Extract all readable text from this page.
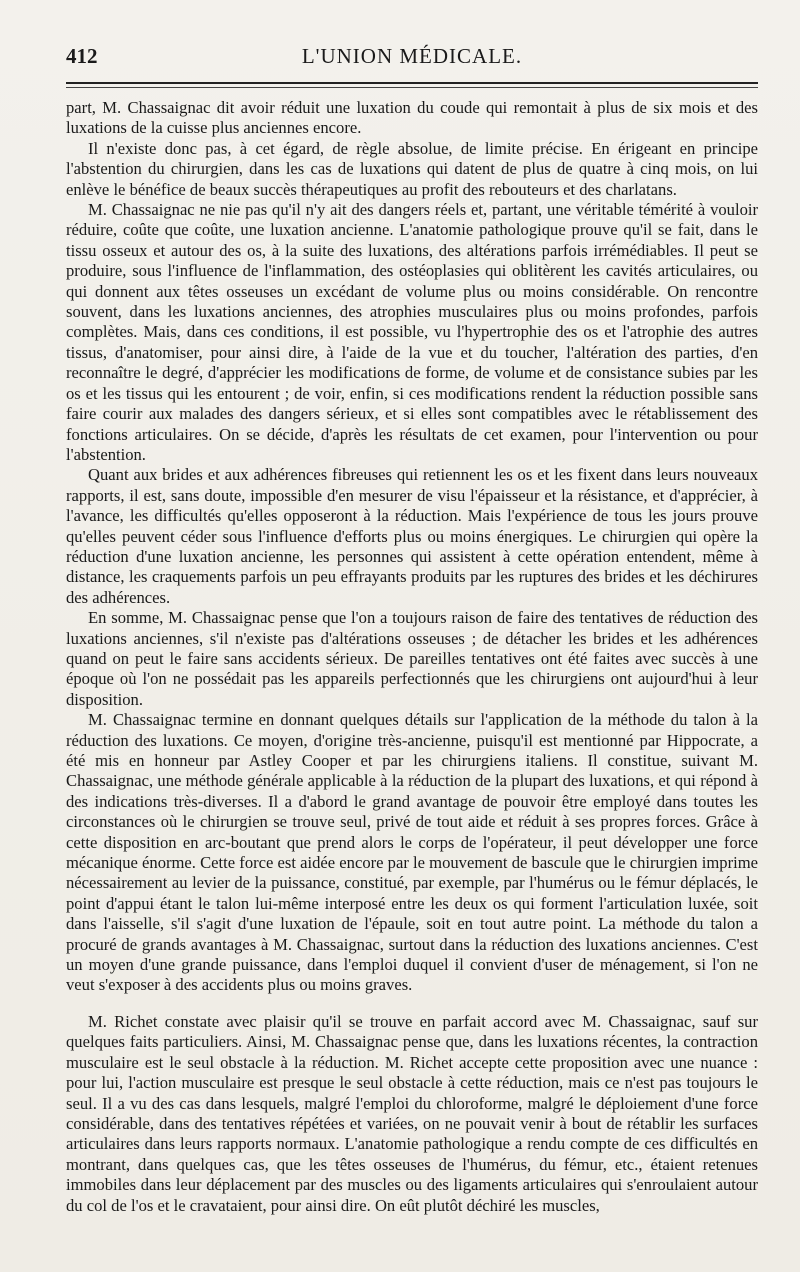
412	L'UNION MÉDICALE.

part, M. Chassaignac dit avoir réduit une luxation du coude qui remontait à plus de six mois et des luxations de la cuisse plus anciennes encore.

Il n'existe donc pas, à cet égard, de règle absolue, de limite précise. En érigeant en principe l'abstention du chirurgien, dans les cas de luxations qui datent de plus de quatre à cinq mois, on lui enlève le bénéfice de beaux succès thérapeutiques au profit des rebouteurs et des charlatans.

M. Chassaignac ne nie pas qu'il n'y ait des dangers réels et, partant, une véritable témérité à vouloir réduire, coûte que coûte, une luxation ancienne. L'anatomie pathologique prouve qu'il se fait, dans le tissu osseux et autour des os, à la suite des luxations, des altérations parfois irrémédiables. Il peut se produire, sous l'influence de l'inflammation, des ostéoplasies qui oblitèrent les cavités articulaires, ou qui donnent aux têtes osseuses un excédant de volume plus ou moins considérable. On rencontre souvent, dans les luxations anciennes, des atrophies musculaires plus ou moins profondes, parfois complètes. Mais, dans ces conditions, il est possible, vu l'hypertrophie des os et l'atrophie des autres tissus, d'anatomiser, pour ainsi dire, à l'aide de la vue et du toucher, l'altération des parties, d'en reconnaître le degré, d'apprécier les modifications de forme, de volume et de consistance subies par les os et les tissus qui les entourent ; de voir, enfin, si ces modifications rendent la réduction possible sans faire courir aux malades des dangers sérieux, et si elles sont compatibles avec le rétablissement des fonctions articulaires. On se décide, d'après les résultats de cet examen, pour l'intervention ou pour l'abstention.

Quant aux brides et aux adhérences fibreuses qui retiennent les os et les fixent dans leurs nouveaux rapports, il est, sans doute, impossible d'en mesurer de visu l'épaisseur et la résistance, et d'apprécier, à l'avance, les difficultés qu'elles opposeront à la réduction. Mais l'expérience de tous les jours prouve qu'elles peuvent céder sous l'influence d'efforts plus ou moins énergiques. Le chirurgien qui opère la réduction d'une luxation ancienne, les personnes qui assistent à cette opération entendent, même à distance, les craquements parfois un peu effrayants produits par les ruptures des brides et les déchirures des adhérences.

En somme, M. Chassaignac pense que l'on a toujours raison de faire des tentatives de réduction des luxations anciennes, s'il n'existe pas d'altérations osseuses ; de détacher les brides et les adhérences quand on peut le faire sans accidents sérieux. De pareilles tentatives ont été faites avec succès à une époque où l'on ne possédait pas les appareils perfectionnés que les chirurgiens ont aujourd'hui à leur disposition.

M. Chassaignac termine en donnant quelques détails sur l'application de la méthode du talon à la réduction des luxations. Ce moyen, d'origine très-ancienne, puisqu'il est mentionné par Hippocrate, a été mis en honneur par Astley Cooper et par les chirurgiens italiens. Il constitue, suivant M. Chassaignac, une méthode générale applicable à la réduction de la plupart des luxations, et qui répond à des indications très-diverses. Il a d'abord le grand avantage de pouvoir être employé dans toutes les circonstances où le chirurgien se trouve seul, privé de tout aide et réduit à ses propres forces. Grâce à cette disposition en arc-boutant que prend alors le corps de l'opérateur, il peut développer une force mécanique énorme. Cette force est aidée encore par le mouvement de bascule que le chirurgien imprime nécessairement au levier de la puissance, constitué, par exemple, par l'humérus ou le fémur déplacés, le point d'appui étant le talon lui-même interposé entre les deux os qui forment l'articulation luxée, soit dans l'aisselle, s'il s'agit d'une luxation de l'épaule, soit en tout autre point. La méthode du talon a procuré de grands avantages à M. Chassaignac, surtout dans la réduction des luxations anciennes. C'est un moyen d'une grande puissance, dans l'emploi duquel il convient d'user de ménagement, si l'on ne veut s'exposer à des accidents plus ou moins graves.

M. Richet constate avec plaisir qu'il se trouve en parfait accord avec M. Chassaignac, sauf sur quelques faits particuliers. Ainsi, M. Chassaignac pense que, dans les luxations récentes, la contraction musculaire est le seul obstacle à la réduction. M. Richet accepte cette proposition avec une nuance : pour lui, l'action musculaire est presque le seul obstacle à cette réduction, mais ce n'est pas toujours le seul. Il a vu des cas dans lesquels, malgré l'emploi du chloroforme, malgré le déploiement d'une force considérable, dans des tentatives répétées et variées, on ne pouvait venir à bout de rétablir les surfaces articulaires dans leurs rapports normaux. L'anatomie pathologique a rendu compte de ces difficultés en montrant, dans quelques cas, que les têtes osseuses de l'humérus, du fémur, etc., étaient retenues immobiles dans leur déplacement par des muscles ou des ligaments articulaires qui s'enroulaient autour du col de l'os et le cravataient, pour ainsi dire. On eût plutôt déchiré les muscles,
